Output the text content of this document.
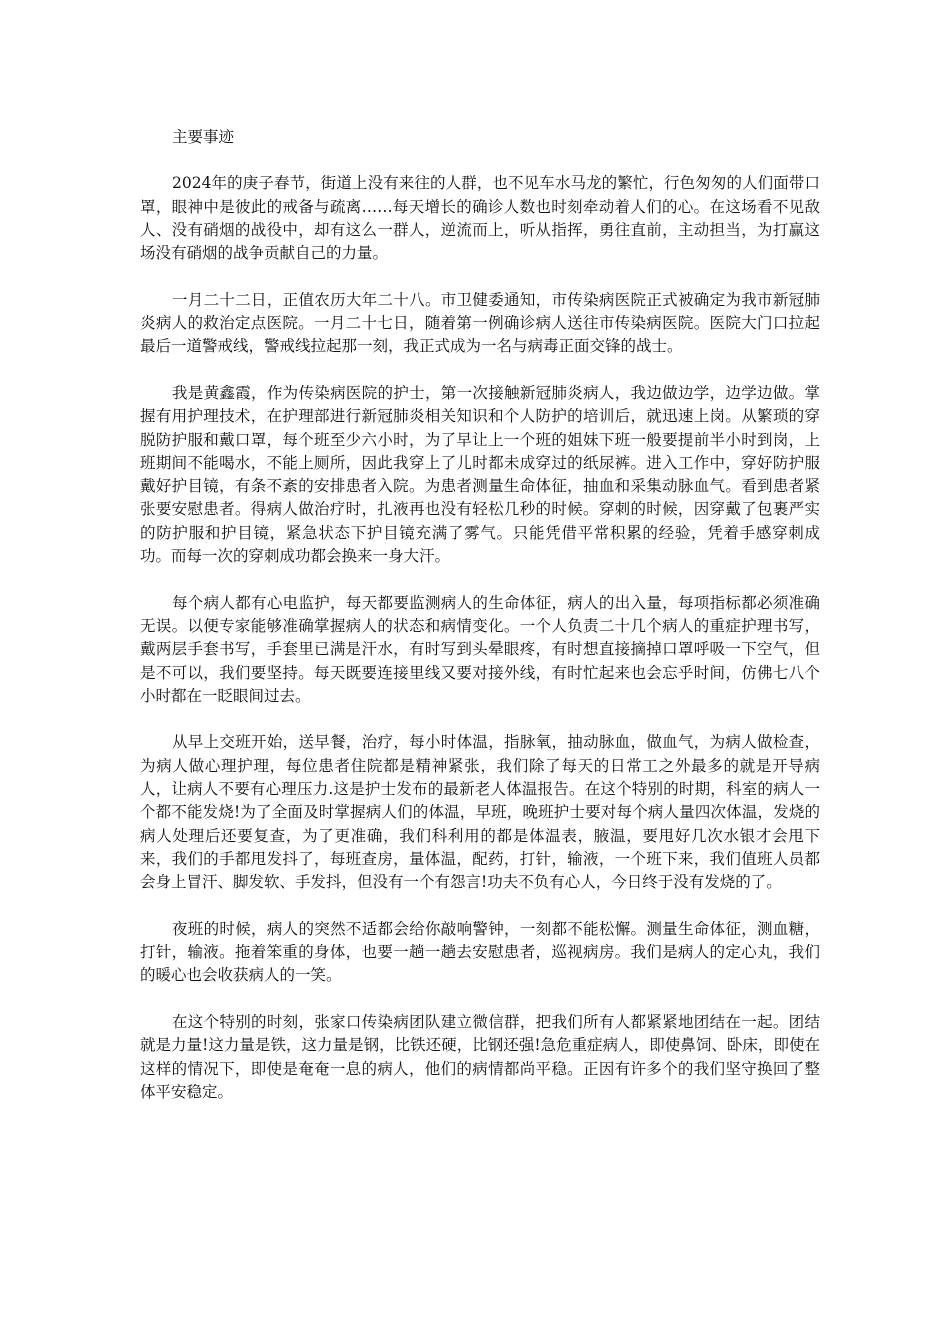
主要事迹

2024年的庚子春节，街道上没有来往的人群，也不见车水马龙的繁忙，行色匆匆的人们面带口罩，眼神中是彼此的戒备与疏离……每天增长的确诊人数也时刻牵动着人们的心。在这场看不见敌人、没有硝烟的战役中，却有这么一群人，逆流而上，听从指挥，勇往直前，主动担当，为打赢这场没有硝烟的战争贡献自己的力量。

一月二十二日，正值农历大年二十八。市卫健委通知，市传染病医院正式被确定为我市新冠肺炎病人的救治定点医院。一月二十七日，随着第一例确诊病人送往市传染病医院。医院大门口拉起最后一道警戒线，警戒线拉起那一刻，我正式成为一名与病毒正面交锋的战士。

我是黄鑫霞，作为传染病医院的护士，第一次接触新冠肺炎病人，我边做边学，边学边做。掌握有用护理技术，在护理部进行新冠肺炎相关知识和个人防护的培训后，就迅速上岗。从繁琐的穿脱防护服和戴口罩，每个班至少六小时，为了早让上一个班的姐妹下班一般要提前半小时到岗，上班期间不能喝水，不能上厕所，因此我穿上了儿时都未成穿过的纸尿裤。进入工作中，穿好防护服戴好护目镜，有条不紊的安排患者入院。为患者测量生命体征，抽血和采集动脉血气。看到患者紧张要安慰患者。得病人做治疗时，扎液再也没有轻松几秒的时候。穿刺的时候，因穿戴了包裹严实的防护服和护目镜，紧急状态下护目镜充满了雾气。只能凭借平常积累的经验，凭着手感穿刺成功。而每一次的穿刺成功都会换来一身大汗。

每个病人都有心电监护，每天都要监测病人的生命体征，病人的出入量，每项指标都必须准确无误。以便专家能够准确掌握病人的状态和病情变化。一个人负责二十几个病人的重症护理书写，戴两层手套书写，手套里已满是汗水，有时写到头晕眼疼，有时想直接摘掉口罩呼吸一下空气，但是不可以，我们要坚持。每天既要连接里线又要对接外线，有时忙起来也会忘乎时间，仿佛七八个小时都在一眨眼间过去。

从早上交班开始，送早餐，治疗，每小时体温，指脉氧，抽动脉血，做血气，为病人做检查，为病人做心理护理，每位患者住院都是精神紧张，我们除了每天的日常工之外最多的就是开导病人，让病人不要有心理压力.这是护士发布的最新老人体温报告。在这个特别的时期，科室的病人一个都不能发烧!为了全面及时掌握病人们的体温，早班，晚班护士要对每个病人量四次体温，发烧的病人处理后还要复查，为了更准确，我们科利用的都是体温表，腋温，要甩好几次水银才会甩下来，我们的手都甩发抖了，每班查房，量体温，配药，打针，输液，一个班下来，我们值班人员都会身上冒汗、脚发软、手发抖，但没有一个有怨言!功夫不负有心人，今日终于没有发烧的了。

夜班的时候，病人的突然不适都会给你敲响警钟，一刻都不能松懈。测量生命体征，测血糖，打针，输液。拖着笨重的身体，也要一趟一趟去安慰患者，巡视病房。我们是病人的定心丸，我们的暖心也会收获病人的一笑。

在这个特别的时刻，张家口传染病团队建立微信群，把我们所有人都紧紧地团结在一起。团结就是力量!这力量是铁，这力量是钢，比铁还硬，比钢还强!急危重症病人，即使鼻饲、卧床，即使在这样的情况下，即使是奄奄一息的病人，他们的病情都尚平稳。正因有许多个的我们坚守换回了整体平安稳定。
